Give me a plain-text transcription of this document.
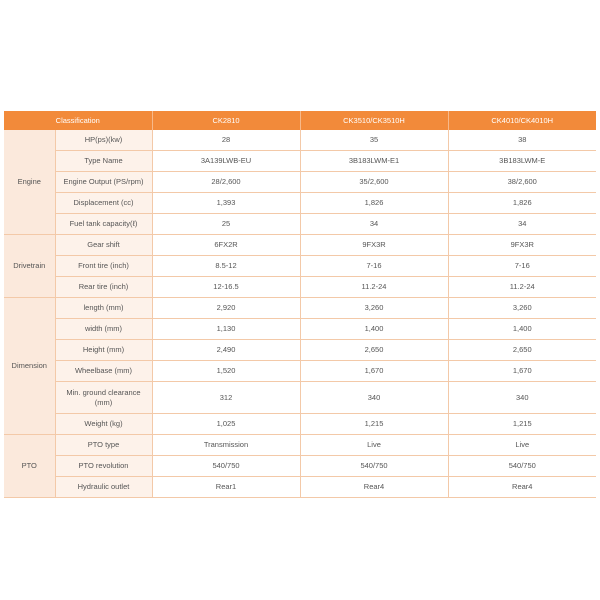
Classification		CK2810	CK3510/CK3510H	CK4010/CK4010H
Engine	HP(ps)(kw)	28	35	38
	Type Name	3A139LWB-EU	3B183LWM-E1	3B183LWM-E
	Engine Output (PS/rpm)	28/2,600	35/2,600	38/2,600
	Displacement (cc)	1,393	1,826	1,826
	Fuel tank capacity(ℓ)	25	34	34
Drivetrain	Gear shift	6FX2R	9FX3R	9FX3R
	Front tire (inch)	8.5-12	7-16	7-16
	Rear tire (inch)	12-16.5	11.2-24	11.2-24
Dimension	length (mm)	2,920	3,260	3,260
	width (mm)	1,130	1,400	1,400
	Height (mm)	2,490	2,650	2,650
	Wheelbase (mm)	1,520	1,670	1,670
	Min. ground clearance (mm)	312	340	340
	Weight (kg)	1,025	1,215	1,215
PTO	PTO type	Transmission	Live	Live
	PTO revolution	540/750	540/750	540/750
	Hydraulic outlet	Rear1	Rear4	Rear4
